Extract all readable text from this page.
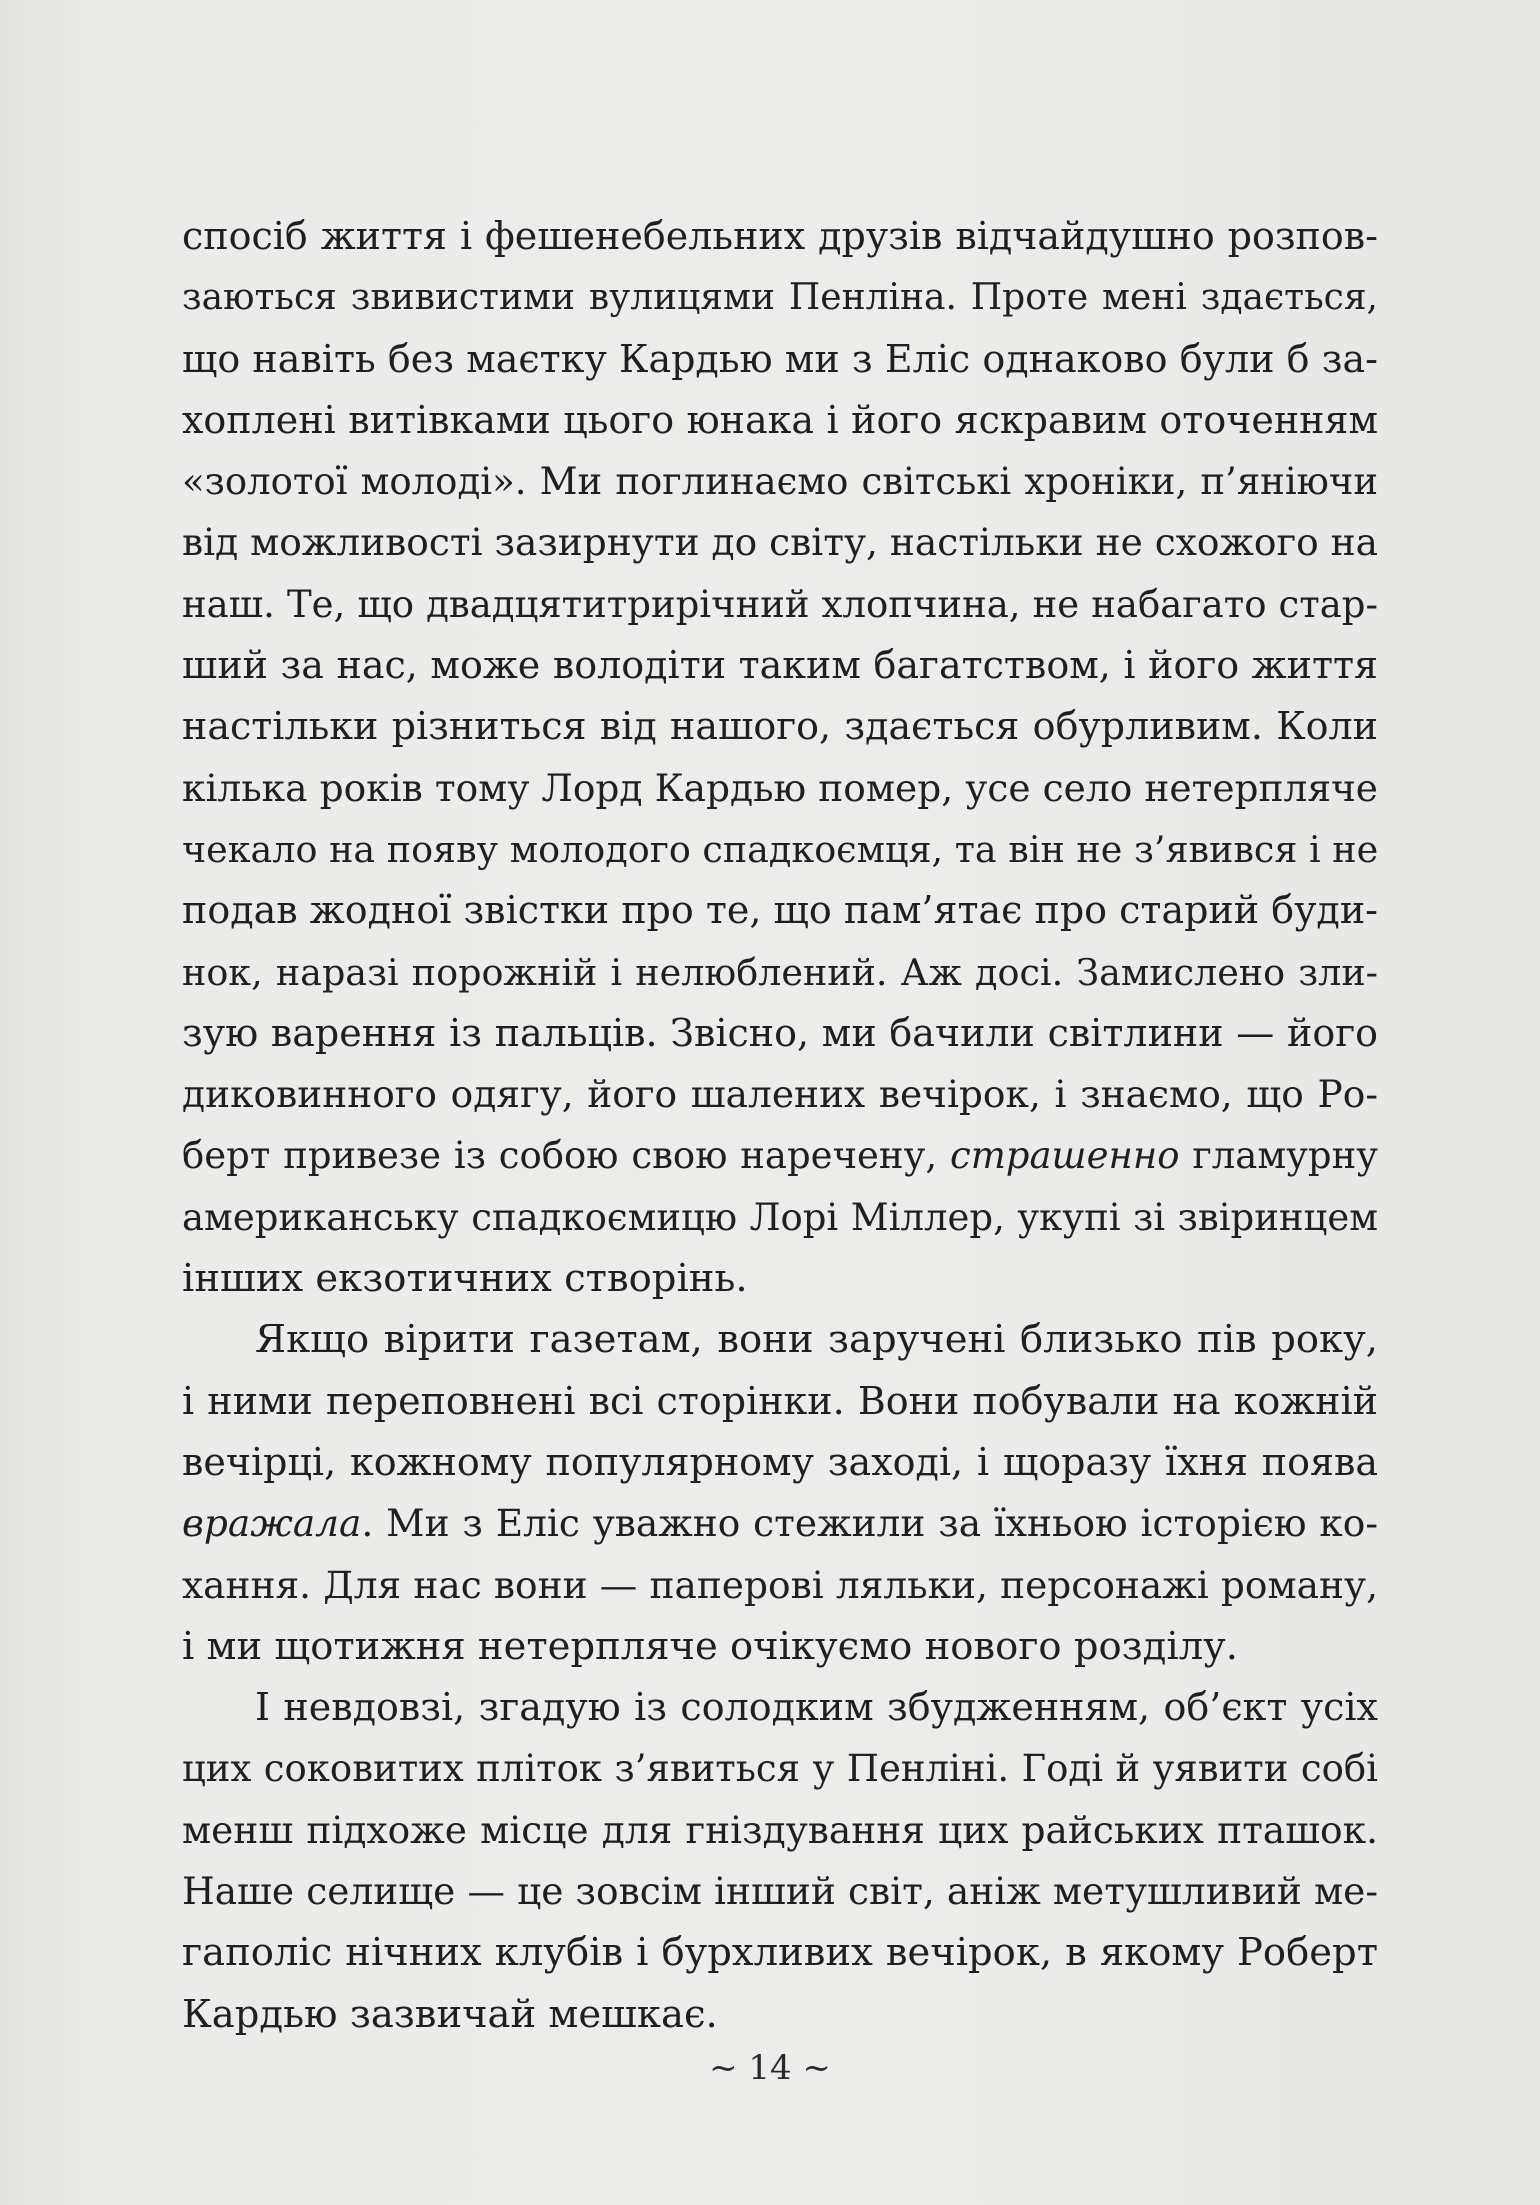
спосіб життя і фешенебельних друзів відчайдушно розпов-
заються звивистими вулицями Пенліна. Проте мені здається,
що навіть без маєтку Кардью ми з Еліс однаково були б за-
хоплені витівками цього юнака і його яскравим оточенням
«золотої молоді». Ми поглинаємо світські хроніки, п’яніючи
від можливості зазирнути до світу, настільки не схожого на
наш. Те, що двадцятитрирічний хлопчина, не набагато стар-
ший за нас, може володіти таким багатством, і його життя
настільки різниться від нашого, здається обурливим. Коли
кілька років тому Лорд Кардью помер, усе село нетерпляче
чекало на появу молодого спадкоємця, та він не з’явився і не
подав жодної звістки про те, що пам’ятає про старий буди-
нок, наразі порожній і нелюблений. Аж досі. Замислено зли-
зую варення із пальців. Звісно, ми бачили світлини — його
диковинного одягу, його шалених вечірок, і знаємо, що Ро-
берт привезе із собою свою наречену, страшенно гламурну
американську спадкоємицю Лорі Міллер, укупі зі звіринцем
інших екзотичних створінь.
Якщо вірити газетам, вони заручені близько пів року,
і ними переповнені всі сторінки. Вони побували на кожній
вечірці, кожному популярному заході, і щоразу їхня поява
вражала. Ми з Еліс уважно стежили за їхньою історією ко-
хання. Для нас вони — паперові ляльки, персонажі роману,
і ми щотижня нетерпляче очікуємо нового розділу.
І невдовзі, згадую із солодким збудженням, об’єкт усіх
цих соковитих пліток з’явиться у Пенліні. Годі й уявити собі
менш підхоже місце для гніздування цих райських пташок.
Наше селище — це зовсім інший світ, аніж метушливий ме-
гаполіс нічних клубів і бурхливих вечірок, в якому Роберт
Кардью зазвичай мешкає.
~ 14 ~
